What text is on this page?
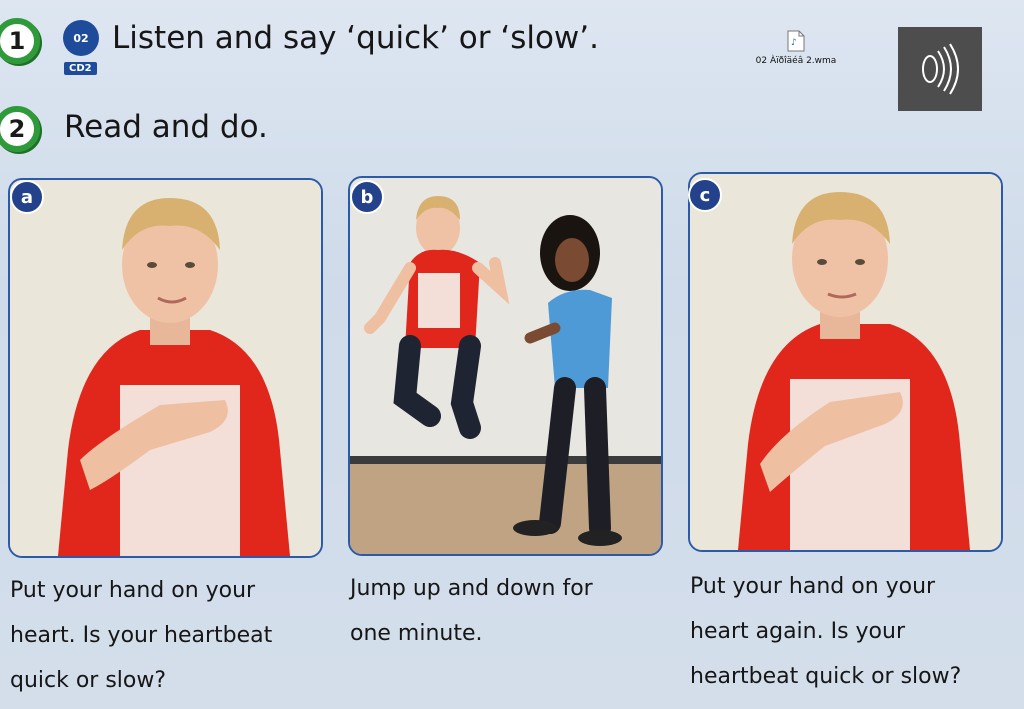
1	02
CD2
Listen and say ‘quick’ or ‘slow’.	♪
02 Àïðîäéâ 2.wma
2 Read and do.
a	b	c
Put your hand on your
heart. Is your heartbeat
quick or slow?
Jump up and down for
one minute.
Put your hand on your
heart again. Is your
heartbeat quick or slow?
